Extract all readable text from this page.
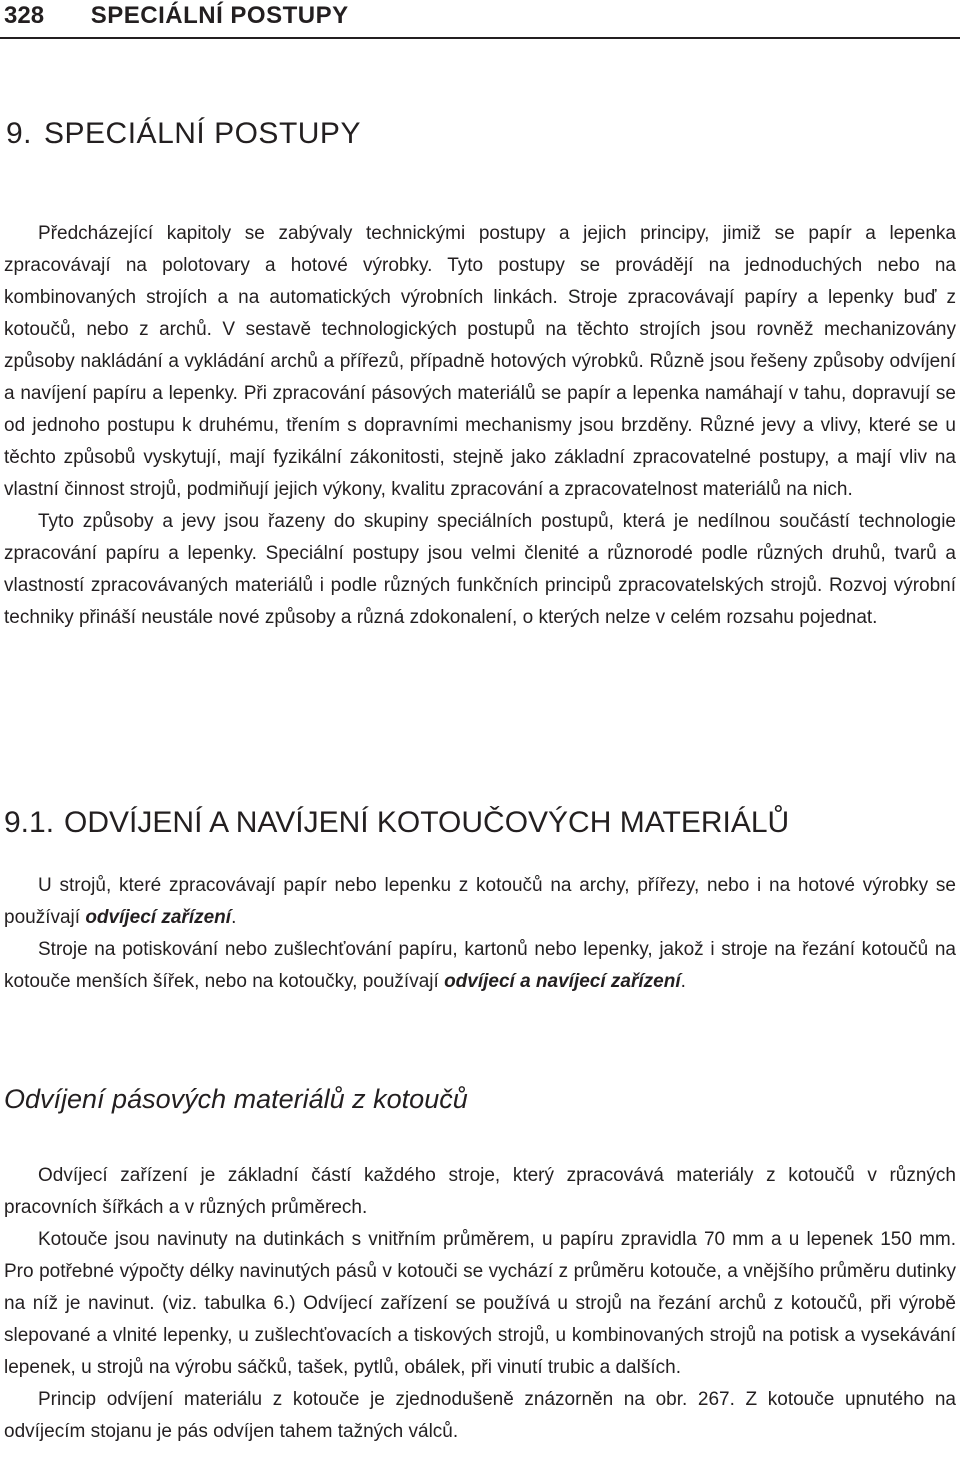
328 SPECIÁLNÍ POSTUPY
9. SPECIÁLNÍ POSTUPY

Předcházející kapitoly se zabývaly technickými postupy a jejich principy, jimiž se papír a lepenka zpracovávají na polotovary a hotové výrobky. Tyto postupy se provádějí na jednoduchých nebo na kombinovaných strojích a na automatických výrobních linkách. Stroje zpracovávají papíry a lepenky buď z kotoučů, nebo z archů. V sestavě technologických postupů na těchto strojích jsou rovněž mechanizovány způsoby nakládání a vykládání archů a přířezů, případně hotových výrobků. Různě jsou řešeny způsoby odvíjení a navíjení papíru a lepenky. Při zpracování pásových materiálů se papír a lepenka namáhají v tahu, dopravují se od jednoho postupu k druhému, třením s dopravními mechanismy jsou brzděny. Různé jevy a vlivy, které se u těchto způsobů vyskytují, mají fyzikální zákonitosti, stejně jako základní zpracovatelné postupy, a mají vliv na vlastní činnost strojů, podmiňují jejich výkony, kvalitu zpracování a zpracovatelnost materiálů na nich.

Tyto způsoby a jevy jsou řazeny do skupiny speciálních postupů, která je nedílnou součástí technologie zpracování papíru a lepenky. Speciální postupy jsou velmi členité a různorodé podle různých druhů, tvarů a vlastností zpracovávaných materiálů i podle různých funkčních principů zpracovatelských strojů. Rozvoj výrobní techniky přináší neustále nové způsoby a různá zdokonalení, o kterých nelze v celém rozsahu pojednat.

9.1. ODVÍJENÍ A NAVÍJENÍ KOTOUČOVÝCH MATERIÁLŮ

U strojů, které zpracovávají papír nebo lepenku z kotoučů na archy, přířezy, nebo i na hotové výrobky se používají odvíjecí zařízení.

Stroje na potiskování nebo zušlechťování papíru, kartonů nebo lepenky, jakož i stroje na řezání kotoučů na kotouče menších šířek, nebo na kotoučky, používají odvíjecí a navíjecí zařízení.

Odvíjení pásových materiálů z kotoučů

Odvíjecí zařízení je základní částí každého stroje, který zpracovává materiály z kotoučů v různých pracovních šířkách a v různých průměrech.

Kotouče jsou navinuty na dutinkách s vnitřním průměrem, u papíru zpravidla 70 mm a u lepenek 150 mm. Pro potřebné výpočty délky navinutých pásů v kotouči se vychází z průměru kotouče, a vnějšího průměru dutinky na níž je navinut. (viz. tabulka 6.) Odvíjecí zařízení se používá u strojů na řezání archů z kotoučů, při výrobě slepované a vlnité lepenky, u zušlechťovacích a tiskových strojů, u kombinovaných strojů na potisk a vysekávání lepenek, u strojů na výrobu sáčků, tašek, pytlů, obálek, při vinutí trubic a dalších.

Princip odvíjení materiálu z kotouče je zjednodušeně znázorněn na obr. 267. Z kotouče upnutého na odvíjecím stojanu je pás odvíjen tahem tažných válců.
